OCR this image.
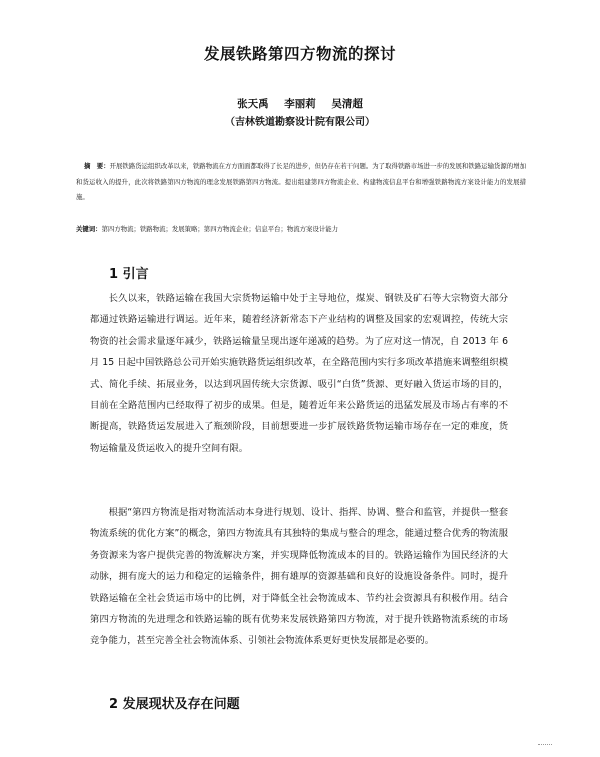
发展铁路第四方物流的探讨
张天禹 李丽莉 吴清超
（吉林铁道勘察设计院有限公司）
摘　要：开展铁路货运组织改革以来，铁路物流在方方面面都取得了长足的进步，但仍存在若干问题。为了取得铁路市场进一步的发展和铁路运输货源的增加和货运收入的提升，此次将铁路第四方物流的理念发展铁路第四方物流。提出组建第四方物流企业、构建物流信息平台和增强铁路物流方案设计能力的发展措施。
关键词：第四方物流；铁路物流；发展策略；第四方物流企业；信息平台；物流方案设计能力
1 引言
长久以来，铁路运输在我国大宗货物运输中处于主导地位，煤炭、钢铁及矿石等大宗物资大部分都通过铁路运输进行调运。近年来，随着经济新常态下产业结构的调整及国家的宏观调控，传统大宗物资的社会需求量逐年减少，铁路运输量呈现出逐年递减的趋势。为了应对这一情况，自 2013 年 6 月 15 日起中国铁路总公司开始实施铁路货运组织改革，在全路范围内实行多项改革措施来调整组织模式、简化手续、拓展业务，以达到巩固传统大宗货源、吸引“白货”货源、更好融入货运市场的目的，目前在全路范围内已经取得了初步的成果。但是，随着近年来公路货运的迅猛发展及市场占有率的不断提高，铁路货运发展进入了瓶颈阶段，目前想要进一步扩展铁路货物运输市场存在一定的难度，货物运输量及货运收入的提升空间有限。
根据“第四方物流是指对物流活动本身进行规划、设计、指挥、协调、整合和监管，并提供一整套物流系统的优化方案”的概念，第四方物流具有其独特的集成与整合的理念，能通过整合优秀的物流服务资源来为客户提供完善的物流解决方案，并实现降低物流成本的目的。铁路运输作为国民经济的大动脉，拥有庞大的运力和稳定的运输条件，拥有雄厚的资源基础和良好的设施设备条件。同时，提升铁路运输在全社会货运市场中的比例，对于降低全社会物流成本、节约社会资源具有积极作用。结合第四方物流的先进理念和铁路运输的既有优势来发展铁路第四方物流，对于提升铁路物流系统的市场竞争能力，甚至完善全社会物流体系、引领社会物流体系更好更快发展都是必要的。
2 发展现状及存在问题
